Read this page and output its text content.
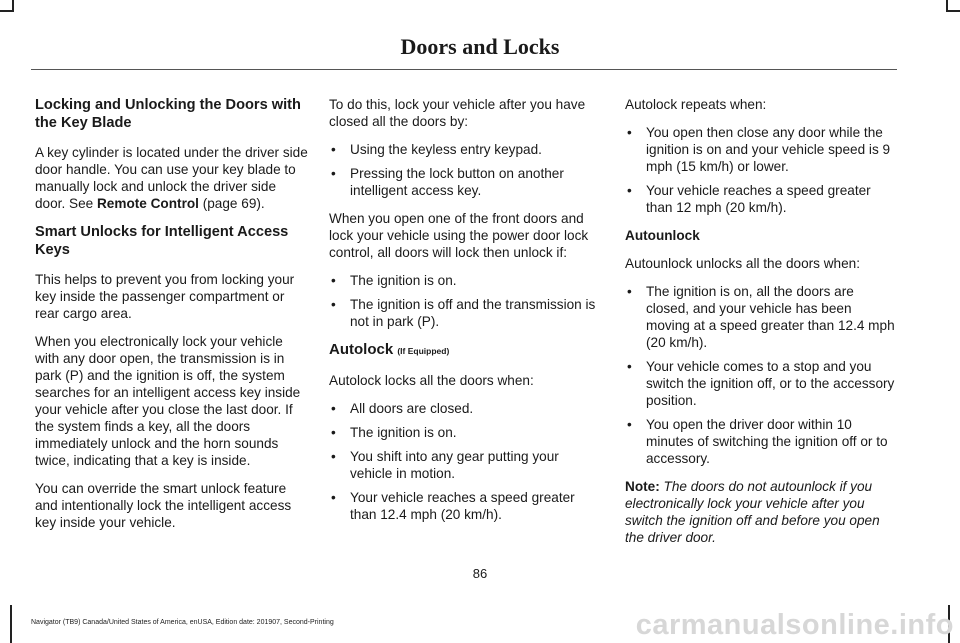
Doors and Locks
Locking and Unlocking the Doors with the Key Blade

A key cylinder is located under the driver side door handle. You can use your key blade to manually lock and unlock the driver side door. See Remote Control (page 69).

Smart Unlocks for Intelligent Access Keys

This helps to prevent you from locking your key inside the passenger compartment or rear cargo area.

When you electronically lock your vehicle with any door open, the transmission is in park (P) and the ignition is off, the system searches for an intelligent access key inside your vehicle after you close the last door. If the system finds a key, all the doors immediately unlock and the horn sounds twice, indicating that a key is inside.

You can override the smart unlock feature and intentionally lock the intelligent access key inside your vehicle.

To do this, lock your vehicle after you have closed all the doors by:

• Using the keyless entry keypad.
• Pressing the lock button on another intelligent access key.

When you open one of the front doors and lock your vehicle using the power door lock control, all doors will lock then unlock if:

• The ignition is on.
• The ignition is off and the transmission is not in park (P).
Autolock (If Equipped)

Autolock locks all the doors when:

• All doors are closed.
• The ignition is on.
• You shift into any gear putting your vehicle in motion.
• Your vehicle reaches a speed greater than 12.4 mph (20 km/h).

Autolock repeats when:

• You open then close any door while the ignition is on and your vehicle speed is 9 mph (15 km/h) or lower.
• Your vehicle reaches a speed greater than 12 mph (20 km/h).
Autounlock

Autounlock unlocks all the doors when:

• The ignition is on, all the doors are closed, and your vehicle has been moving at a speed greater than 12.4 mph (20 km/h).
• Your vehicle comes to a stop and you switch the ignition off, or to the accessory position.
• You open the driver door within 10 minutes of switching the ignition off or to accessory.

Note: The doors do not autounlock if you electronically lock your vehicle after you switch the ignition off and before you open the driver door.

86
Navigator (TB9) Canada/United States of America, enUSA, Edition date: 201907, Second-Printing	carmanualsonline.info
